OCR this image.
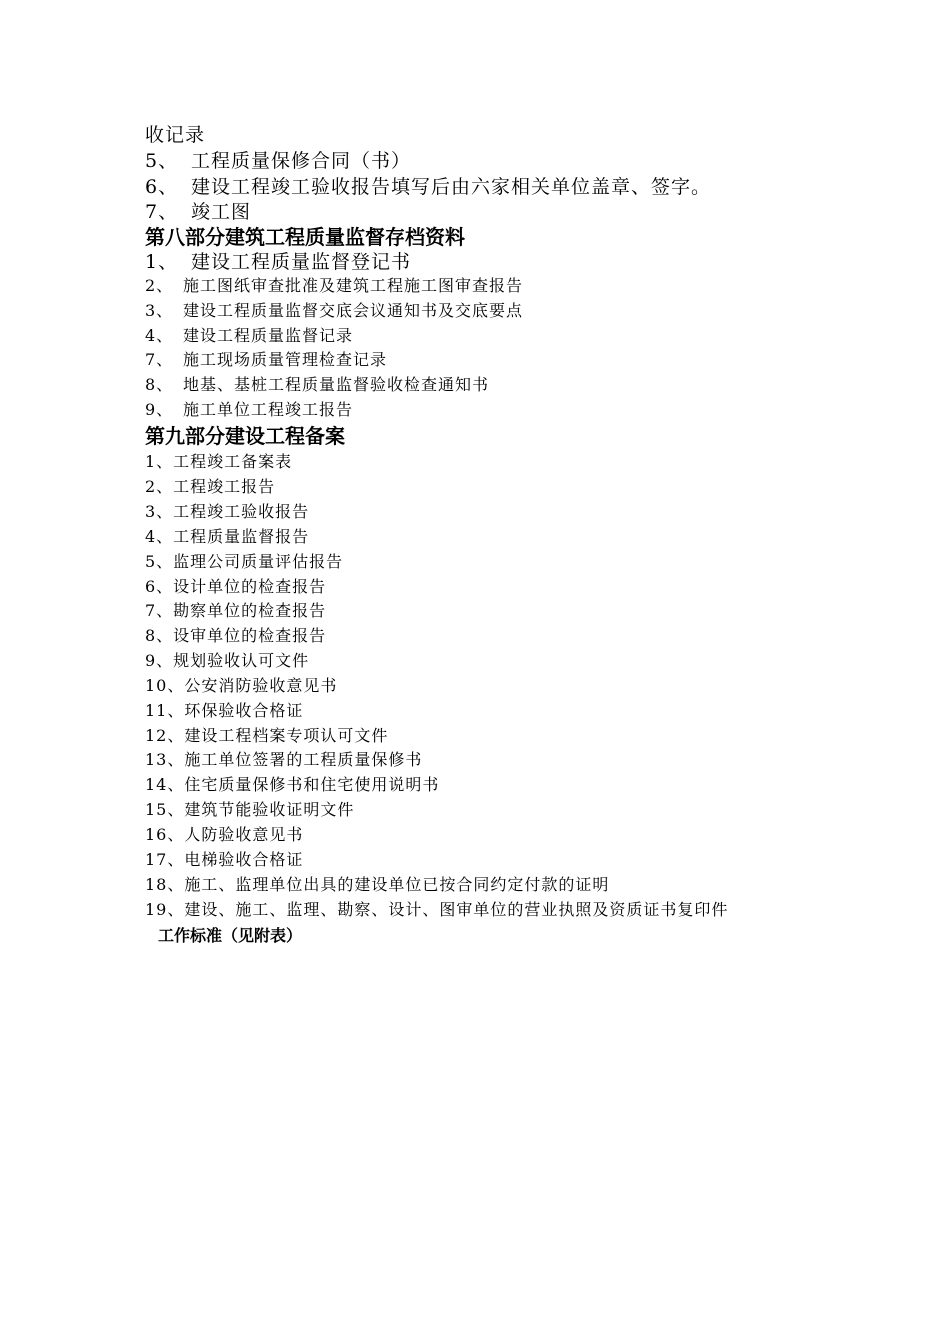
收记录
5、 工程质量保修合同（书）
6、 建设工程竣工验收报告填写后由六家相关单位盖章、签字。
7、 竣工图
第八部分建筑工程质量监督存档资料
1、 建设工程质量监督登记书
2、 施工图纸审查批准及建筑工程施工图审查报告
3、 建设工程质量监督交底会议通知书及交底要点
4、 建设工程质量监督记录
7、 施工现场质量管理检查记录
8、 地基、基桩工程质量监督验收检查通知书
9、 施工单位工程竣工报告
第九部分建设工程备案
1、工程竣工备案表
2、工程竣工报告
3、工程竣工验收报告
4、工程质量监督报告
5、监理公司质量评估报告
6、设计单位的检查报告
7、勘察单位的检查报告
8、设审单位的检查报告
9、规划验收认可文件
10、公安消防验收意见书
11、环保验收合格证
12、建设工程档案专项认可文件
13、施工单位签署的工程质量保修书
14、住宅质量保修书和住宅使用说明书
15、建筑节能验收证明文件
16、人防验收意见书
17、电梯验收合格证
18、施工、监理单位出具的建设单位已按合同约定付款的证明
19、建设、施工、监理、勘察、设计、图审单位的营业执照及资质证书复印件
工作标准（见附表）
